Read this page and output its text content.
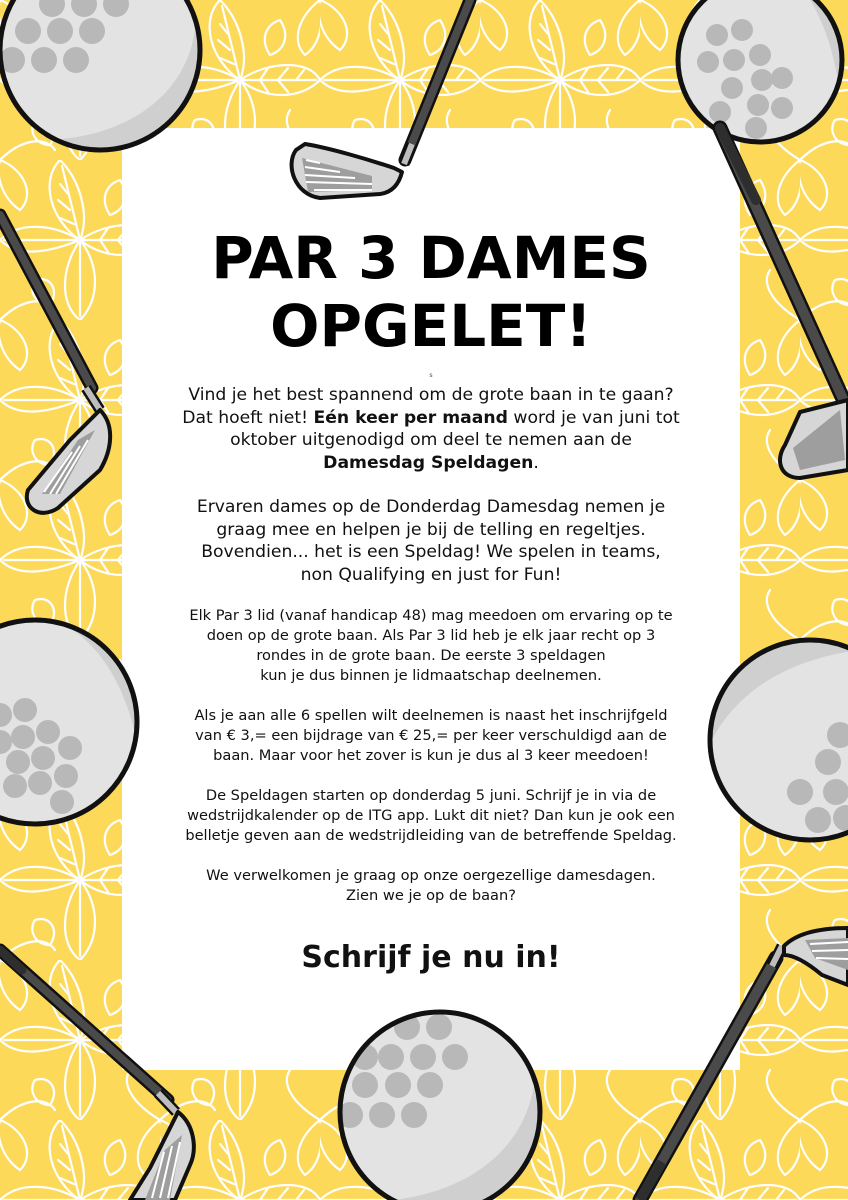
PAR 3 DAMES
OPGELET!
s
Vind je het best spannend om de grote baan in te gaan?
Dat hoeft niet! Eén keer per maand word je van juni tot
oktober uitgenodigd om deel te nemen aan de
Damesdag Speldagen.
Ervaren dames op de Donderdag Damesdag nemen je
graag mee en helpen je bij de telling en regeltjes.
Bovendien... het is een Speldag! We spelen in teams,
non Qualifying en just for Fun!
Elk Par 3 lid (vanaf handicap 48) mag meedoen om ervaring op te
doen op de grote baan. Als Par 3 lid heb je elk jaar recht op 3
rondes in de grote baan. De eerste 3 speldagen
kun je dus binnen je lidmaatschap deelnemen.
Als je aan alle 6 spellen wilt deelnemen is naast het inschrijfgeld
van € 3,= een bijdrage van € 25,= per keer verschuldigd aan de
baan. Maar voor het zover is kun je dus al 3 keer meedoen!
De Speldagen starten op donderdag 5 juni. Schrijf je in via de
wedstrijdkalender op de ITG app. Lukt dit niet? Dan kun je ook een
belletje geven aan de wedstrijdleiding van de betreffende Speldag.
We verwelkomen je graag op onze oergezellige damesdagen.
Zien we je op de baan?
Schrijf je nu in!
